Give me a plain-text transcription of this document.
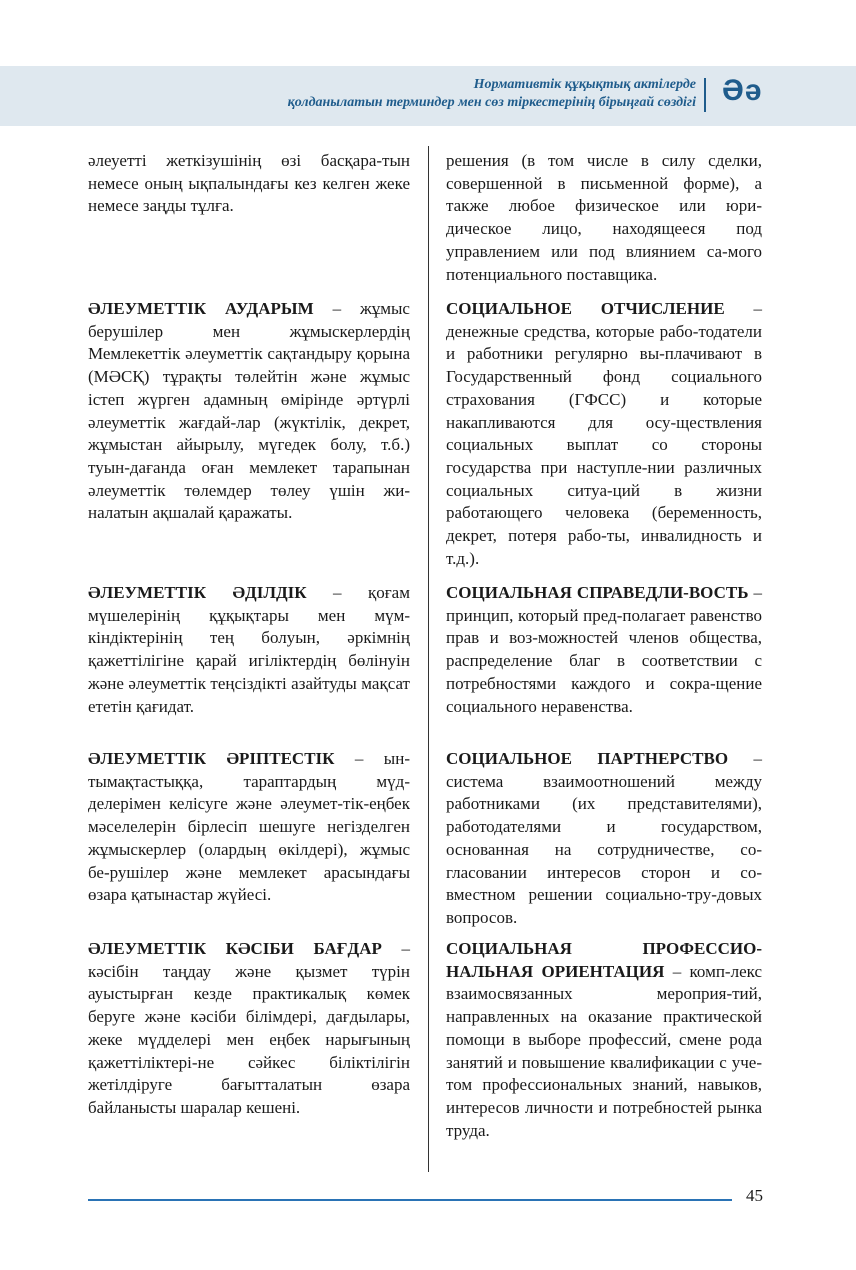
Нормативтік құқықтық актілерде
қолданылатын терминдер мен сөз тіркестерінің бірыңғай сөздігі Әә
әлеуетті жеткізушінің өзі басқара-тын немесе оның ықпалындағы кез келген жеке немесе заңды тұлға.
ӘЛЕУМЕТТІК АУДАРЫМ – жұмыс берушілер мен жұмыскерлердің Мемлекеттік әлеуметтік сақтандыру қорына (МӘСҚ) тұрақты төлейтін және жұмыс істеп жүрген адамның өмірінде әртүрлі әлеуметтік жағдай-лар (жүктілік, декрет, жұмыстан айырылу, мүгедек болу, т.б.) туын-дағанда оған мемлекет тарапынан әлеуметтік төлемдер төлеу үшін жи-налатын ақшалай қаражаты.
ӘЛЕУМЕТТІК ӘДІЛДІК – қоғам мүшелерінің құқықтары мен мүм-кіндіктерінің тең болуын, әркімнің қажеттілігіне қарай игіліктердің бөлінуін және әлеуметтік теңсіздікті азайтуды мақсат ететін қағидат.
ӘЛЕУМЕТТІК ӘРІПТЕСТІК – ын-тымақтастыққа, тараптардың мүд-делерімен келісуге және әлеумет-тік-еңбек мәселелерін бірлесіп шешуге негізделген жұмыскерлер (олардың өкілдері), жұмыс бе-рушілер және мемлекет арасындағы өзара қатынастар жүйесі.
ӘЛЕУМЕТТІК КӘСІБИ БАҒДАР – кәсібін таңдау және қызмет түрін ауыстырған кезде практикалық көмек беруге және кәсіби білімдері, дағдылары, жеке мүдделері мен еңбек нарығының қажеттіліктері-не сәйкес біліктілігін жетілдіруге бағытталатын өзара байланысты шаралар кешені.
решения (в том числе в силу сделки, совершенной в письменной форме), а также любое физическое или юри-дическое лицо, находящееся под управлением или под влиянием са-мого потенциального поставщика.
СОЦИАЛЬНОЕ ОТЧИСЛЕНИЕ – денежные средства, которые рабо-тодатели и работники регулярно вы-плачивают в Государственный фонд социального страхования (ГФСС) и которые накапливаются для осу-ществления социальных выплат со стороны государства при наступле-нии различных социальных ситуа-ций в жизни работающего человека (беременность, декрет, потеря рабо-ты, инвалидность и т.д.).
СОЦИАЛЬНАЯ СПРАВЕДЛИ-ВОСТЬ – принцип, который пред-полагает равенство прав и воз-можностей членов общества, распределение благ в соответствии с потребностями каждого и сокра-щение социального неравенства.
СОЦИАЛЬНОЕ ПАРТНЕРСТВО – система взаимоотношений между работниками (их представителями), работодателями и государством, основанная на сотрудничестве, со-гласовании интересов сторон и со-вместном решении социально-тру-довых вопросов.
СОЦИАЛЬНАЯ ПРОФЕССИО-НАЛЬНАЯ ОРИЕНТАЦИЯ – комп-лекс взаимосвязанных мероприя-тий, направленных на оказание практической помощи в выборе профессий, смене рода занятий и повышение квалификации с уче-том профессиональных знаний, навыков, интересов личности и потребностей рынка труда.
45
